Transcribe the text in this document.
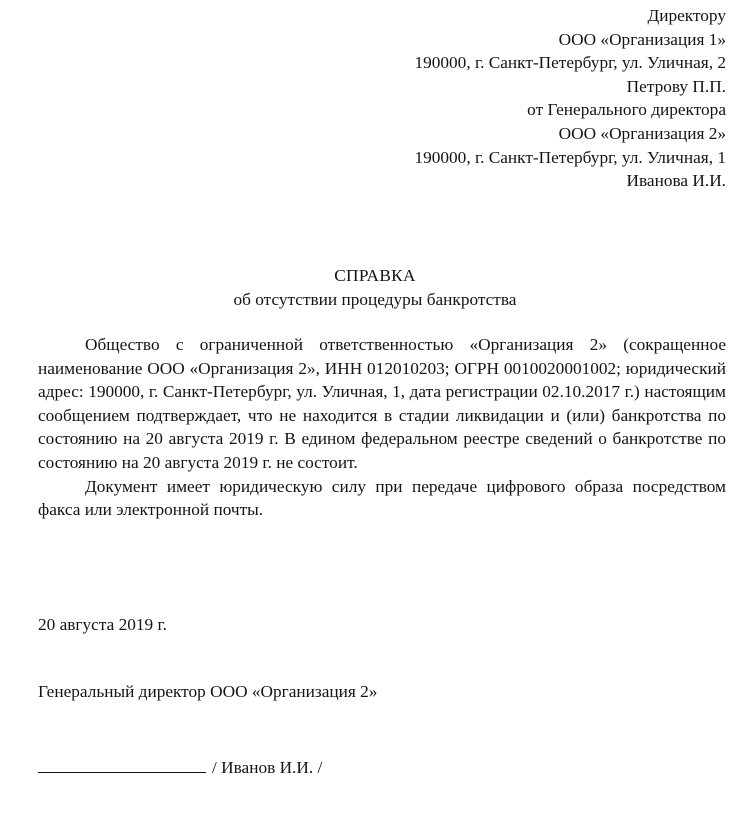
Директору
ООО «Организация 1»
190000, г. Санкт-Петербург, ул. Уличная, 2
Петрову П.П.
от Генерального директора
ООО «Организация 2»
190000, г. Санкт-Петербург, ул. Уличная, 1
Иванова И.И.
СПРАВКА
об отсутствии процедуры банкротства

Общество с ограниченной ответственностью «Организация 2» (сокращенное наименование ООО «Организация 2», ИНН 012010203; ОГРН 0010020001002; юридический адрес: 190000, г. Санкт-Петербург, ул. Уличная, 1, дата регистрации 02.10.2017 г.) настоящим сообщением подтверждает, что не находится в стадии ликвидации и (или) банкротства по состоянию на 20 августа 2019 г. В едином федеральном реестре сведений о банкротстве по состоянию на 20 августа 2019 г. не состоит.

Документ имеет юридическую силу при передаче цифрового образа посредством факса или электронной почты.

20 августа 2019 г.
Генеральный директор ООО «Организация 2»
/ Иванов И.И. /
